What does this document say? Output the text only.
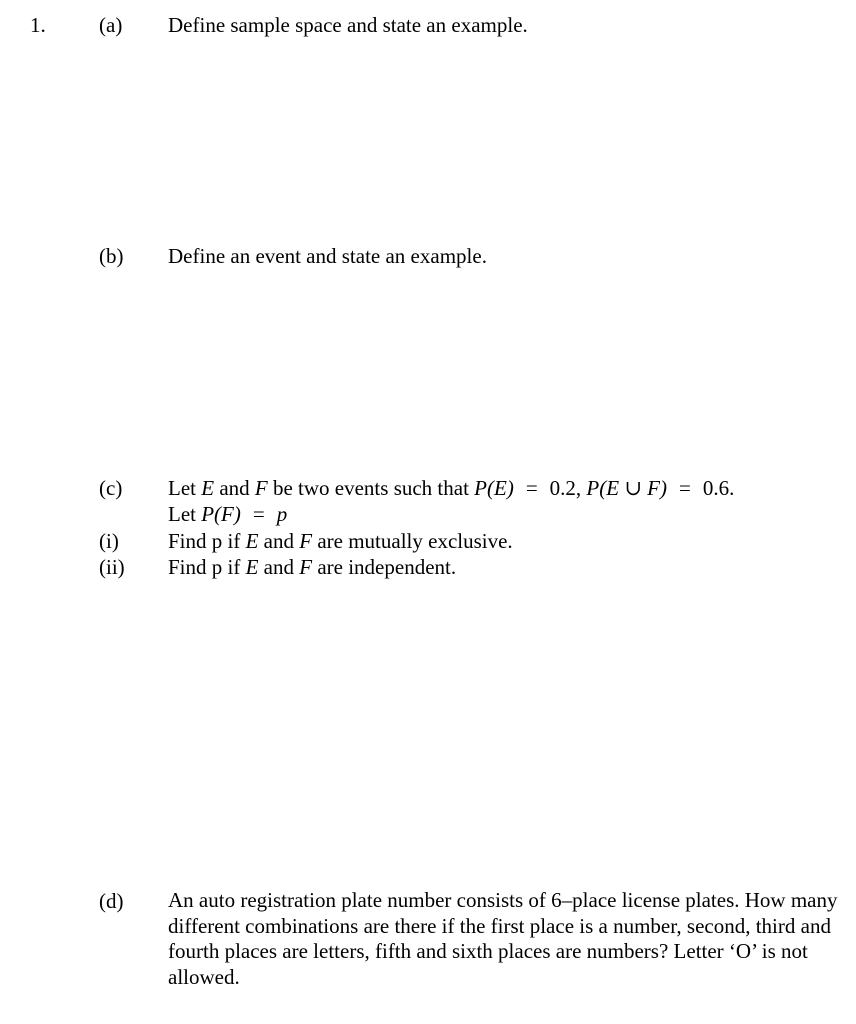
1.	(a) Define sample space and state an example.
(b) Define an event and state an example.
(c) Let E and F be two events such that P(E) = 0.2, P(E ∪ F) = 0.6.
Let P(F) = p
(i) Find p if E and F are mutually exclusive.
(ii) Find p if E and F are independent.
(d) An auto registration plate number consists of 6–place license plates. How many different combinations are there if the first place is a number, second, third and fourth places are letters, fifth and sixth places are numbers? Letter ‘O’ is not allowed.
